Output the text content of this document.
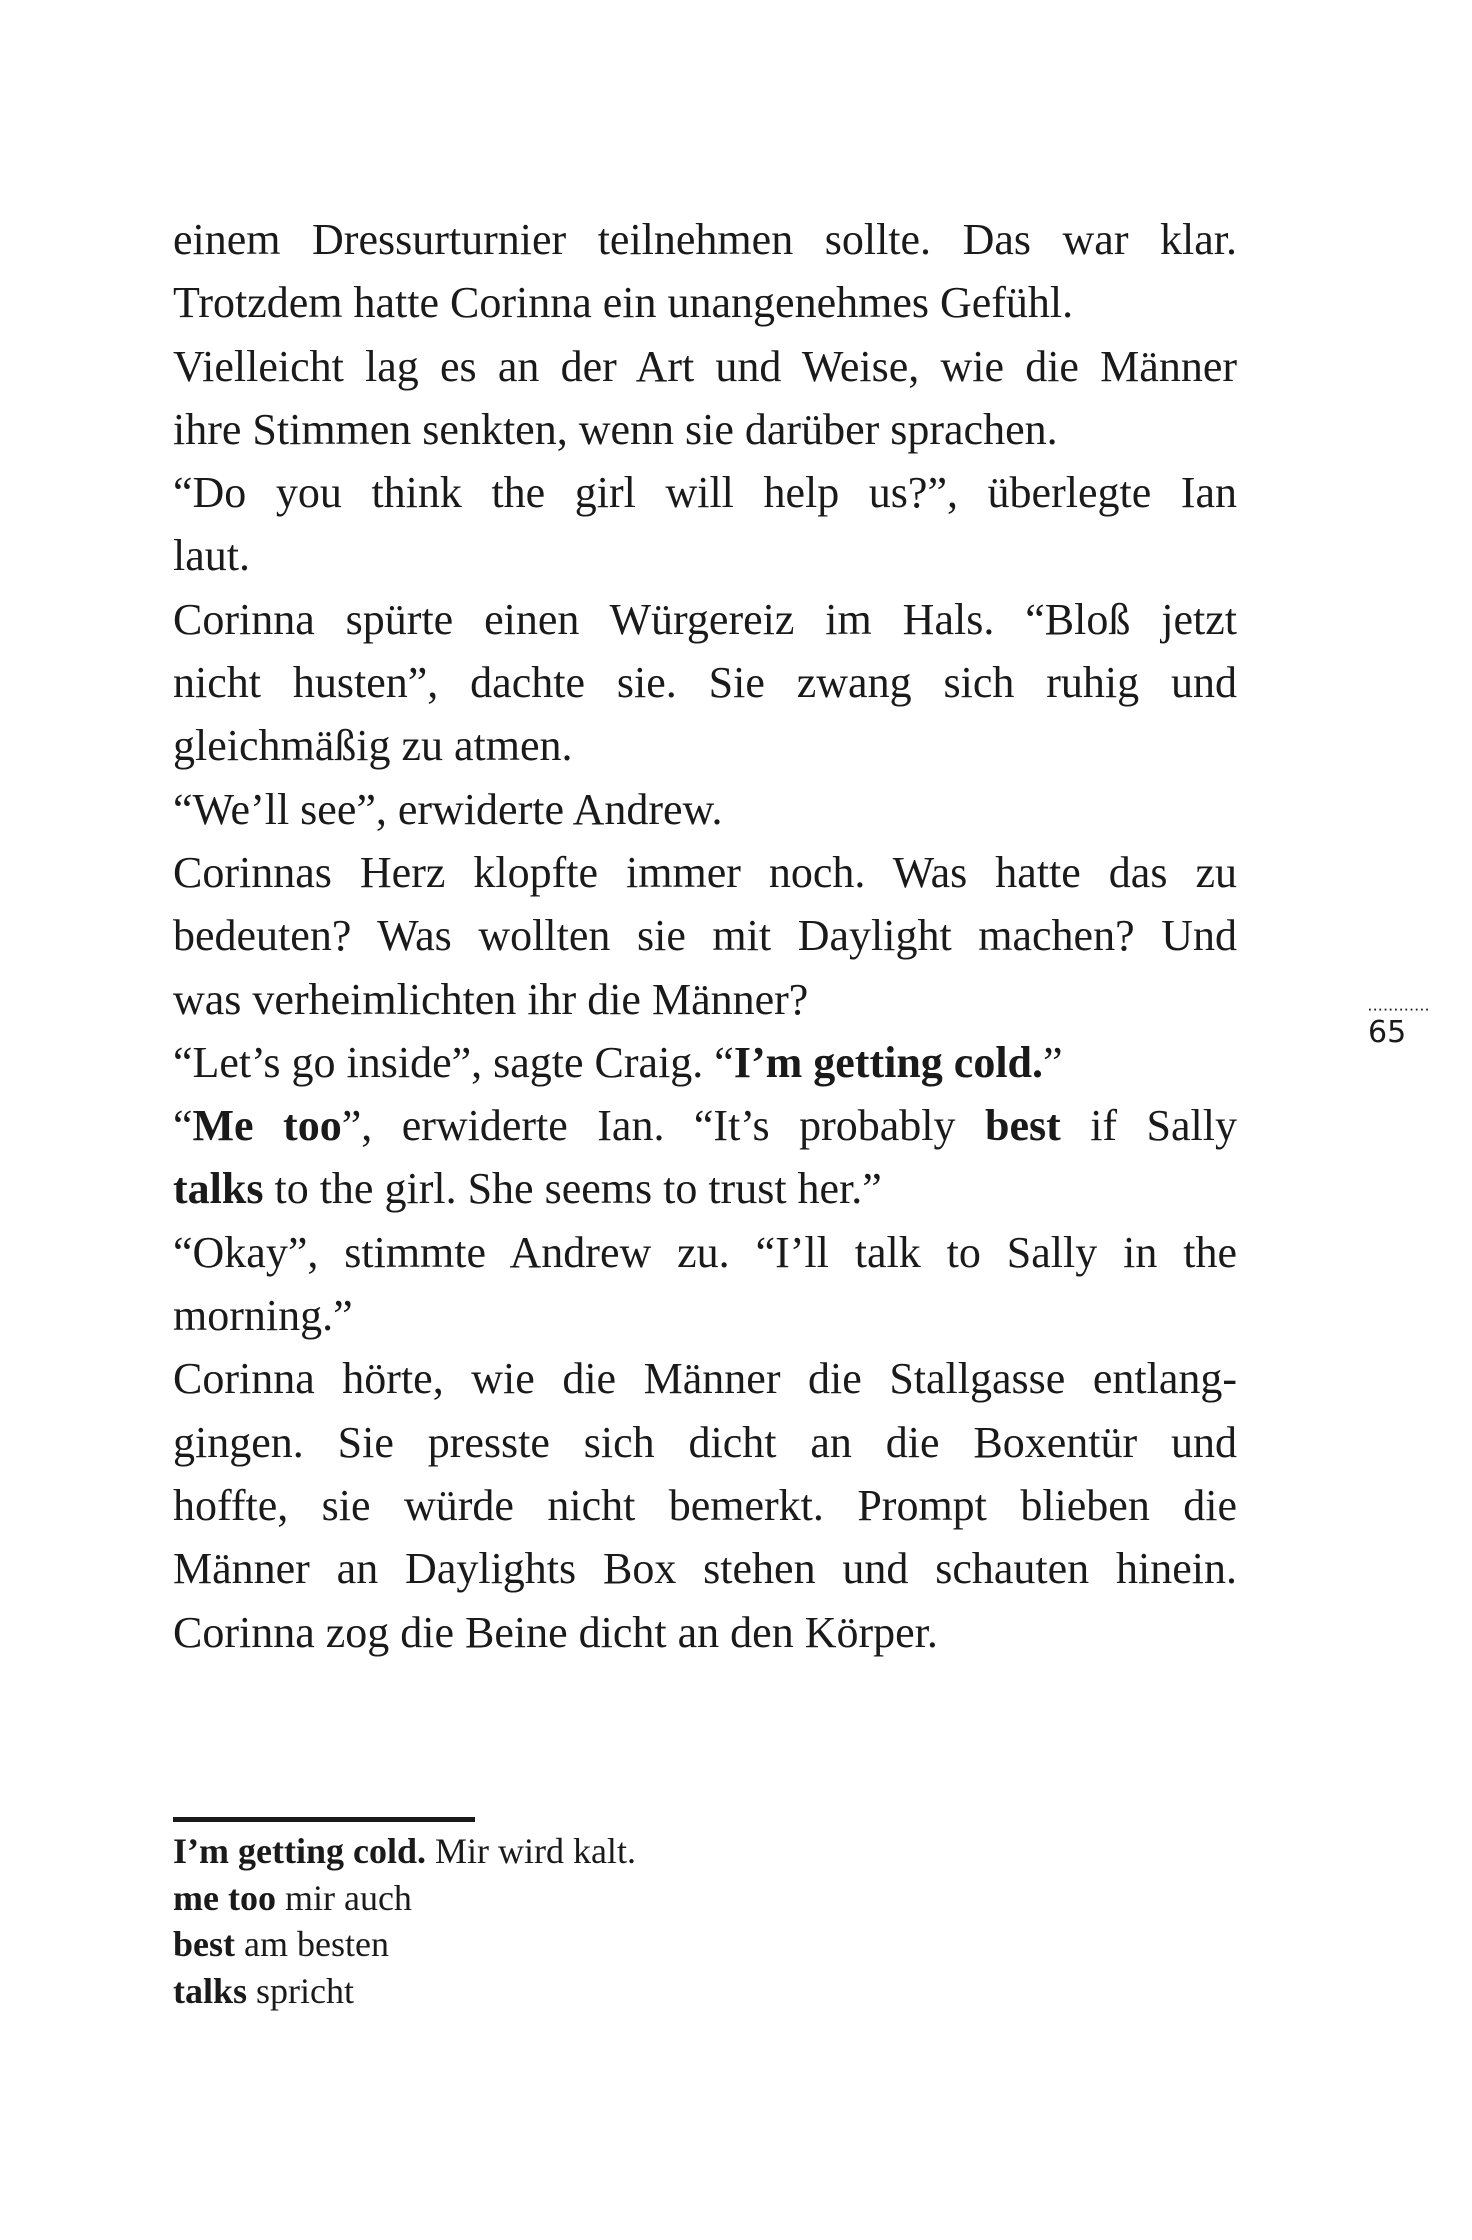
einem Dressurturnier teilnehmen sollte. Das war klar.
Trotzdem hatte Corinna ein unangenehmes Gefühl.
Vielleicht lag es an der Art und Weise, wie die Männer
ihre Stimmen senkten, wenn sie darüber sprachen.
“Do you think the girl will help us?”, überlegte Ian
laut.
Corinna spürte einen Würgereiz im Hals. “Bloß jetzt
nicht husten”, dachte sie. Sie zwang sich ruhig und
gleichmäßig zu atmen.
“We’ll see”, erwiderte Andrew.
Corinnas Herz klopfte immer noch. Was hatte das zu
bedeuten? Was wollten sie mit Daylight machen? Und
was verheimlichten ihr die Männer?
“Let’s go inside”, sagte Craig. “I’m getting cold.”
“Me too”, erwiderte Ian. “It’s probably best if Sally
talks to the girl. She seems to trust her.”
“Okay”, stimmte Andrew zu. “I’ll talk to Sally in the
morning.”
Corinna hörte, wie die Männer die Stallgasse entlang-
gingen. Sie presste sich dicht an die Boxentür und
hoffte, sie würde nicht bemerkt. Prompt blieben die
Männer an Daylights Box stehen und schauten hinein.
Corinna zog die Beine dicht an den Körper.
············
65
I’m getting cold. Mir wird kalt.
me too mir auch
best am besten
talks spricht
